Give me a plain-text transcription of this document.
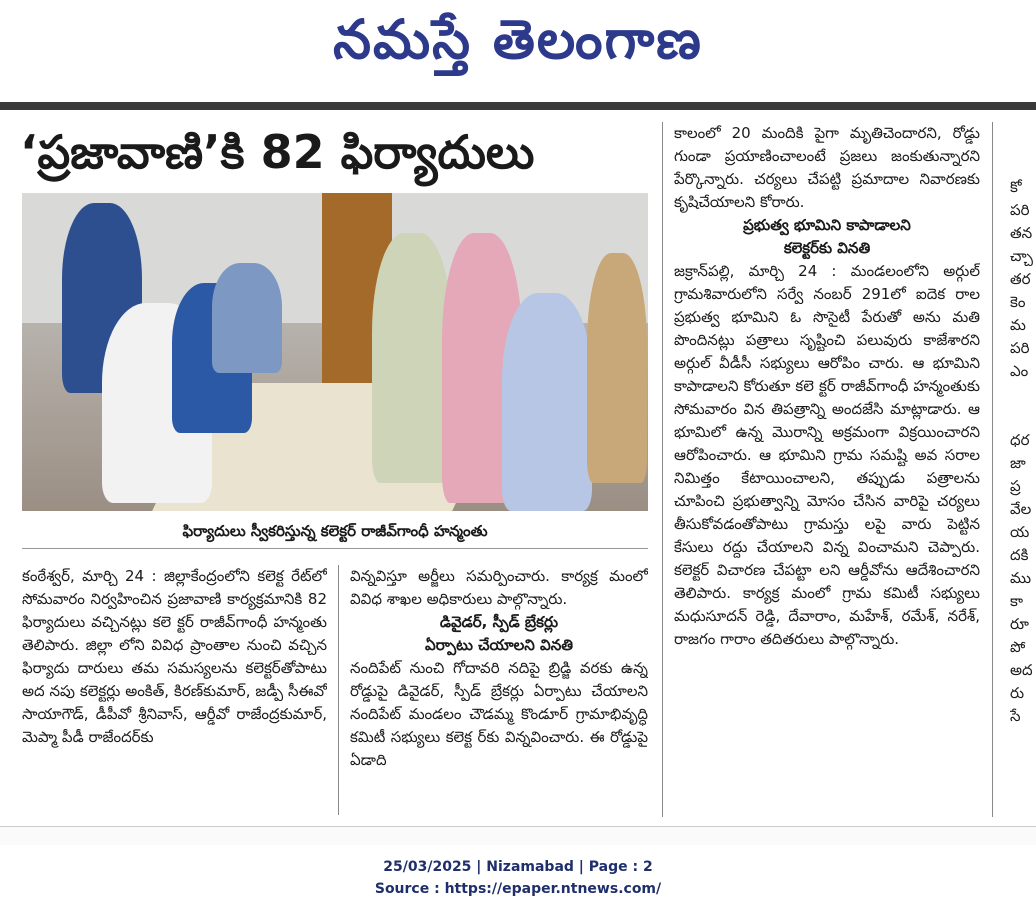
నమస్తే తెలంగాణ
‘ప్రజావాణి’కి 82 ఫిర్యాదులు
ఫిర్యాదులు స్వీకరిస్తున్న కలెక్టర్ రాజీవ్‌గాంధీ హన్మంతు
కంఠేశ్వర్, మార్చి 24 : జిల్లాకేంద్రంలోని కలెక్ట రేట్‌లో సోమవారం నిర్వహించిన ప్రజావాణి కార్యక్రమానికి 82 ఫిర్యాదులు వచ్చినట్లు కలె క్టర్ రాజీవ్‌గాంధీ హన్మంతు తెలిపారు. జిల్లా లోని వివిధ ప్రాంతాల నుంచి వచ్చిన ఫిర్యాదు దారులు తమ సమస్యలను కలెక్టర్‌తోపాటు అద నపు కలెక్టర్లు అంకిత్, కిరణ్‌కుమార్, జడ్పీ సీఈవో సాయాగౌడ్, డీపీవో శ్రీనివాస్, ఆర్డీవో రాజేంద్రకుమార్, మెప్మా పీడీ రాజేందర్‌కు
విన్నవిస్తూ అర్జీలు సమర్పించారు. కార్యక్ర మంలో వివిధ శాఖల అధికారులు పాల్గొన్నారు.
డివైడర్, స్పీడ్ బ్రేకర్లు
ఏర్పాటు చేయాలని వినతి
నందిపేట్ నుంచి గోదావరి నదిపై బ్రిడ్జి వరకు ఉన్న రోడ్డుపై డివైడర్, స్పీడ్ బ్రేకర్లు ఏర్పాటు చేయాలని నందిపేట్ మండలం చౌడమ్మ కొండూర్ గ్రామాభివృద్ధి కమిటీ సభ్యులు కలెక్ట ర్‌కు విన్నవించారు. ఈ రోడ్డుపై ఏడాది
కాలంలో 20 మందికి పైగా మృతిచెందారని, రోడ్డు గుండా ప్రయాణించాలంటే ప్రజలు జంకుతున్నారని పేర్కొన్నారు. చర్యలు చేపట్టి ప్రమాదాల నివారణకు కృషిచేయాలని కోరారు.
ప్రభుత్వ భూమిని కాపాడాలని
కలెక్టర్‌కు వినతి
జక్రాన్‌పల్లి, మార్చి 24 : మండలంలోని అర్గుల్ గ్రామశివారులోని సర్వే నంబర్ 291లో ఐదెక రాల ప్రభుత్వ భూమిని ఓ సొసైటీ పేరుతో అను మతి పొందినట్లు పత్రాలు సృష్టించి పలువురు కాజేశారని అర్గుల్ వీడీసీ సభ్యులు ఆరోపిం చారు. ఆ భూమిని కాపాడాలని కోరుతూ కలె క్టర్ రాజీవ్‌గాంధీ హన్మంతుకు సోమవారం విన తిపత్రాన్ని అందజేసి మాట్లాడారు. ఆ భూమిలో ఉన్న మొరాన్ని అక్రమంగా విక్రయించారని ఆరోపించారు. ఆ భూమిని గ్రామ సమష్టి అవ సరాల నిమిత్తం కేటాయించాలని, తప్పుడు పత్రాలను చూపించి ప్రభుత్వాన్ని మోసం చేసిన వారిపై చర్యలు తీసుకోవడంతోపాటు గ్రామస్తు లపై వారు పెట్టిన కేసులు రద్దు చేయాలని విన్న వించామని చెప్పారు. కలెక్టర్ విచారణ చేపట్టా లని ఆర్డీవోను ఆదేశించారని తెలిపారు. కార్యక్ర మంలో గ్రామ కమిటీ సభ్యులు మధుసూదన్ రెడ్డి, దేవారాం, మహేశ్, రమేశ్, నరేశ్, రాజగం గారాం తదితరులు పాల్గొన్నారు.
కో
పరి
తన
చ్చా
తర
కెం
మ
పరి
ఎం
ధర
జా
ప్ర
వేల
య
దకి
ము
కా
రూ
పో
అద
రు
సే
25/03/2025 | Nizamabad | Page : 2
Source : https://epaper.ntnews.com/
